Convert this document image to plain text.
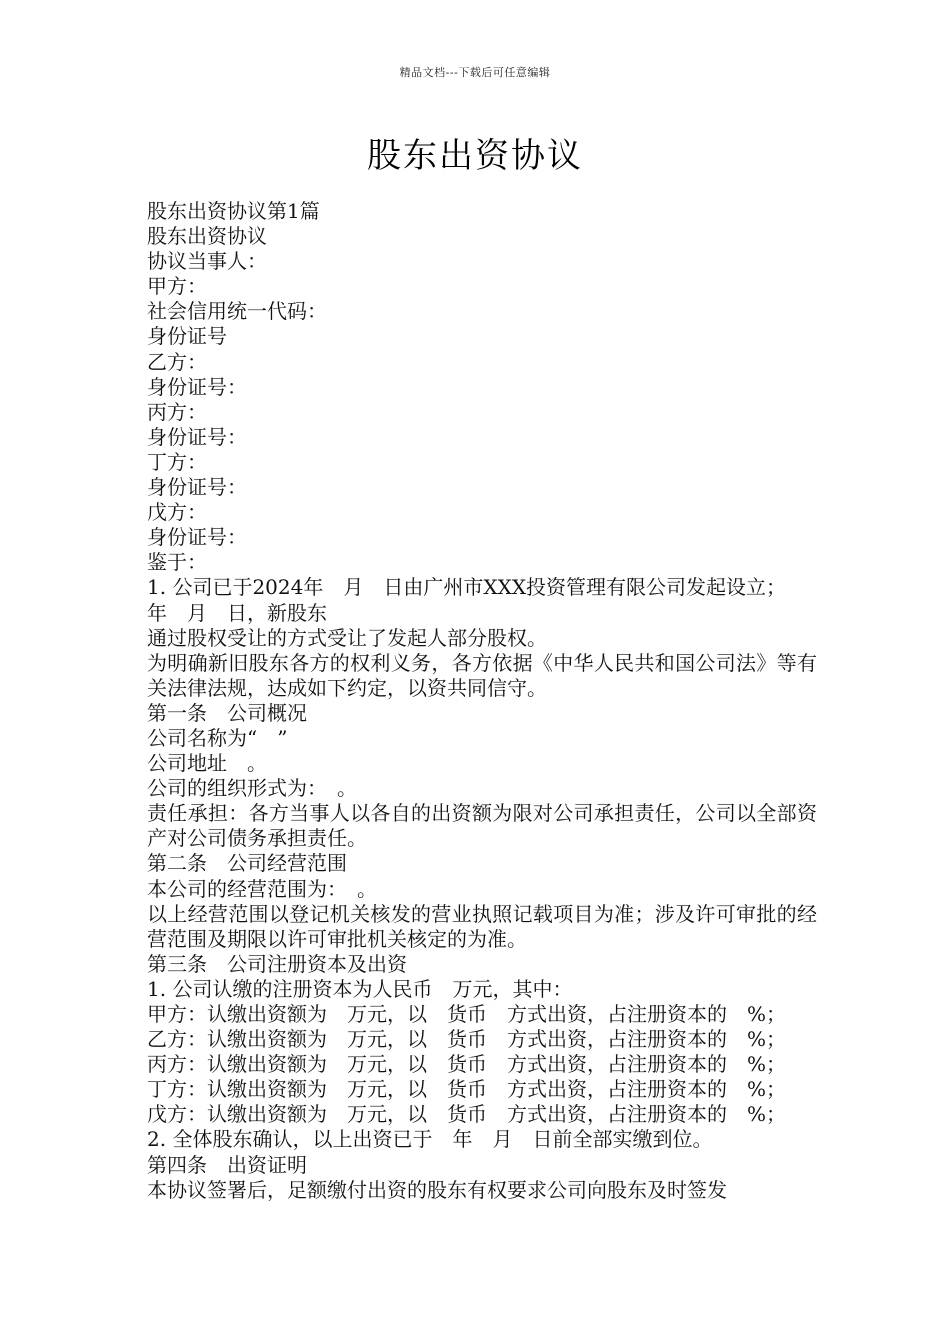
精品文档---下载后可任意编辑
股东出资协议
股东出资协议第1篇
股东出资协议
协议当事人：
甲方：
社会信用统一代码：
身份证号
乙方：
身份证号：
丙方：
身份证号：
丁方：
身份证号：
戊方：
身份证号：
鉴于：
1. 公司已于2024年　月　日由广州市XXX投资管理有限公司发起设立；
年　月　日，新股东
通过股权受让的方式受让了发起人部分股权。
为明确新旧股东各方的权利义务，各方依据《中华人民共和国公司法》等有关法律法规，达成如下约定，以资共同信守。
第一条　公司概况
公司名称为“　”
公司地址　。
公司的组织形式为：　。
责任承担：各方当事人以各自的出资额为限对公司承担责任，公司以全部资产对公司债务承担责任。
第二条　公司经营范围
本公司的经营范围为：　。
以上经营范围以登记机关核发的营业执照记载项目为准；涉及许可审批的经营范围及期限以许可审批机关核定的为准。
第三条　公司注册资本及出资
1. 公司认缴的注册资本为人民币　万元，其中：
甲方：认缴出资额为　万元，以　货币　方式出资，占注册资本的　%；
乙方：认缴出资额为　万元，以　货币　方式出资，占注册资本的　%；
丙方：认缴出资额为　万元，以　货币　方式出资，占注册资本的　%；
丁方：认缴出资额为　万元，以　货币　方式出资，占注册资本的　%；
戊方：认缴出资额为　万元，以　货币　方式出资，占注册资本的　%；
2. 全体股东确认，以上出资已于　年　月　日前全部实缴到位。
第四条　出资证明
本协议签署后，足额缴付出资的股东有权要求公司向股东及时签发
